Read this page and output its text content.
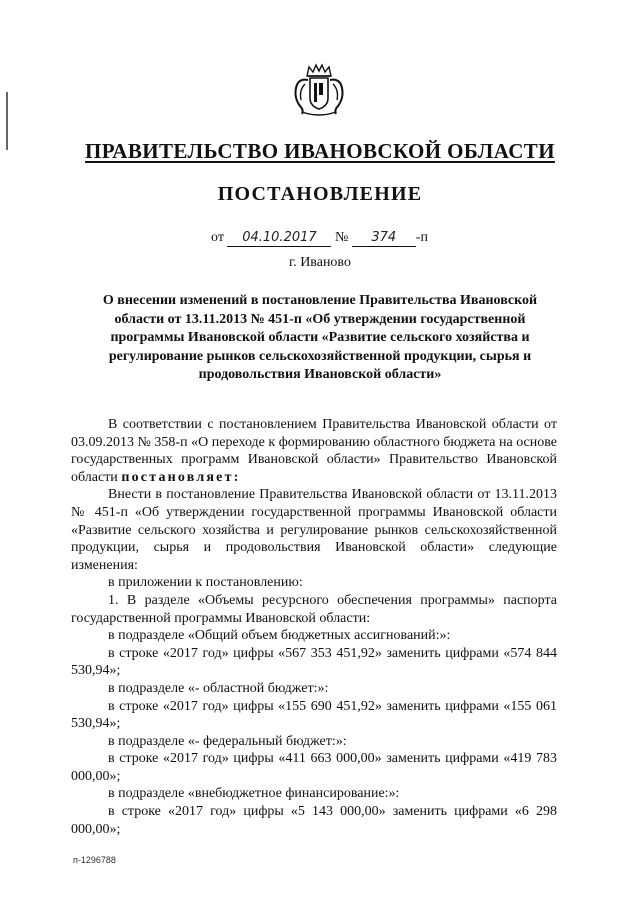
ПРАВИТЕЛЬСТВО ИВАНОВСКОЙ ОБЛАСТИ
ПОСТАНОВЛЕНИЕ
от 04.10.2017 № 374 -п
г. Иваново
О внесении изменений в постановление Правительства Ивановской области от 13.11.2013 № 451-п «Об утверждении государственной программы Ивановской области «Развитие сельского хозяйства и регулирование рынков сельскохозяйственной продукции, сырья и продовольствия Ивановской области»

В соответствии с постановлением Правительства Ивановской области от 03.09.2013 № 358-п «О переходе к формированию областного бюджета на основе государственных программ Ивановской области» Правительство Ивановской области постановляет:

Внести в постановление Правительства Ивановской области от 13.11.2013 № 451-п «Об утверждении государственной программы Ивановской области «Развитие сельского хозяйства и регулирование рынков сельскохозяйственной продукции, сырья и продовольствия Ивановской области» следующие изменения:

в приложении к постановлению:

1. В разделе «Объемы ресурсного обеспечения программы» паспорта государственной программы Ивановской области:

в подразделе «Общий объем бюджетных ассигнований:»:

в строке «2017 год» цифры «567 353 451,92» заменить цифрами «574 844 530,94»;

в подразделе «- областной бюджет:»:

в строке «2017 год» цифры «155 690 451,92» заменить цифрами «155 061 530,94»;

в подразделе «- федеральный бюджет:»:

в строке «2017 год» цифры «411 663 000,00» заменить цифрами «419 783 000,00»;

в подразделе «внебюджетное финансирование:»:

в строке «2017 год» цифры «5 143 000,00» заменить цифрами «6 298 000,00»;

п-1296788
